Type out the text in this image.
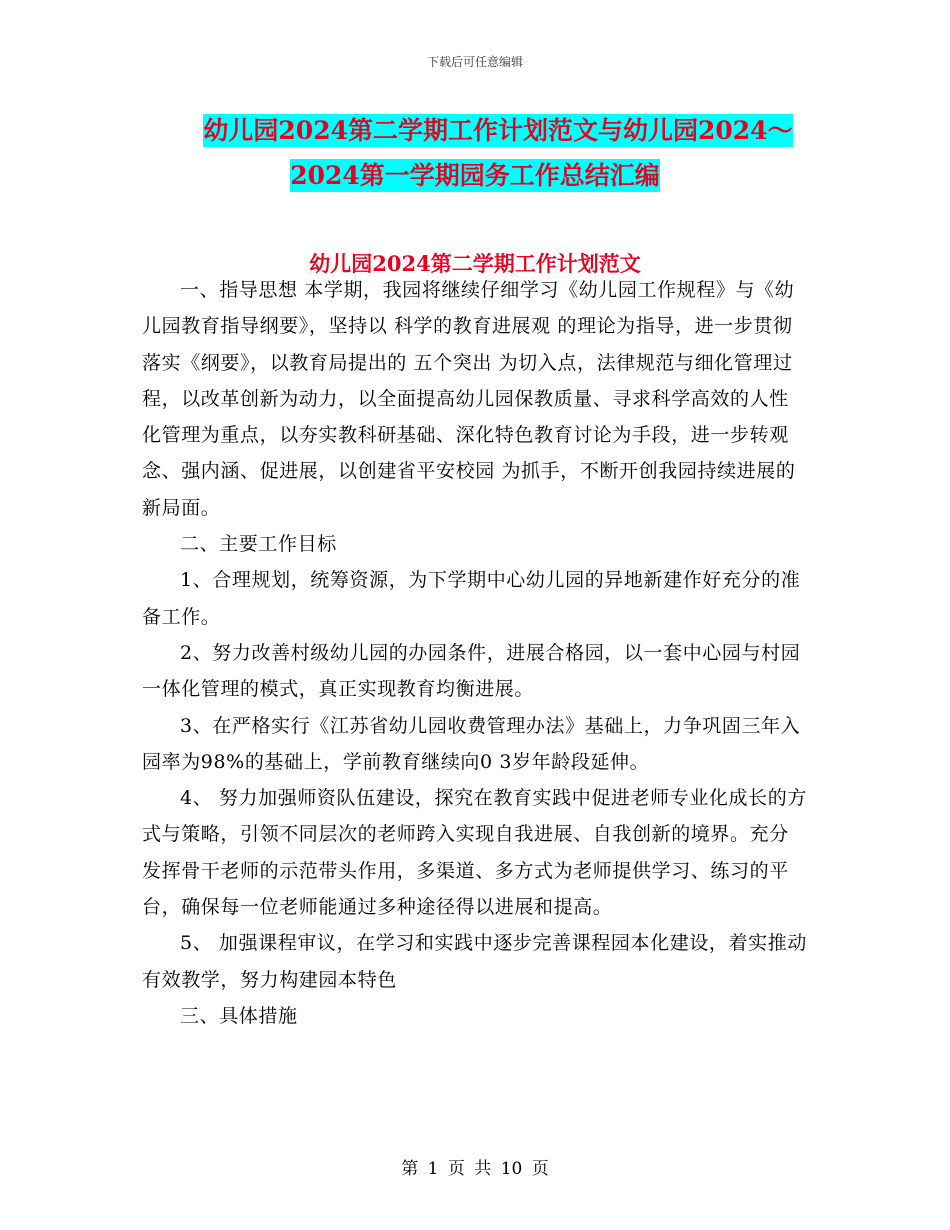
下载后可任意编辑
幼儿园2024第二学期工作计划范文与幼儿园2024～
2024第一学期园务工作总结汇编
幼儿园2024第二学期工作计划范文

一、指导思想 本学期，我园将继续仔细学习《幼儿园工作规程》与《幼儿园教育指导纲要》，坚持以 科学的教育进展观 的理论为指导，进一步贯彻落实《纲要》，以教育局提出的 五个突出 为切入点，法律规范与细化管理过程，以改革创新为动力，以全面提高幼儿园保教质量、寻求科学高效的人性化管理为重点，以夯实教科研基础、深化特色教育讨论为手段，进一步转观念、强内涵、促进展，以创建省平安校园 为抓手，不断开创我园持续进展的新局面。

二、主要工作目标

1、合理规划，统筹资源，为下学期中心幼儿园的异地新建作好充分的准备工作。

2、努力改善村级幼儿园的办园条件，进展合格园，以一套中心园与村园一体化管理的模式，真正实现教育均衡进展。

3、在严格实行《江苏省幼儿园收费管理办法》基础上，力争巩固三年入园率为98%的基础上，学前教育继续向0 3岁年龄段延伸。

4、 努力加强师资队伍建设，探究在教育实践中促进老师专业化成长的方式与策略，引领不同层次的老师跨入实现自我进展、自我创新的境界。充分发挥骨干老师的示范带头作用，多渠道、多方式为老师提供学习、练习的平台，确保每一位老师能通过多种途径得以进展和提高。

5、 加强课程审议，在学习和实践中逐步完善课程园本化建设，着实推动有效教学，努力构建园本特色

三、具体措施

第 1 页 共 10 页
